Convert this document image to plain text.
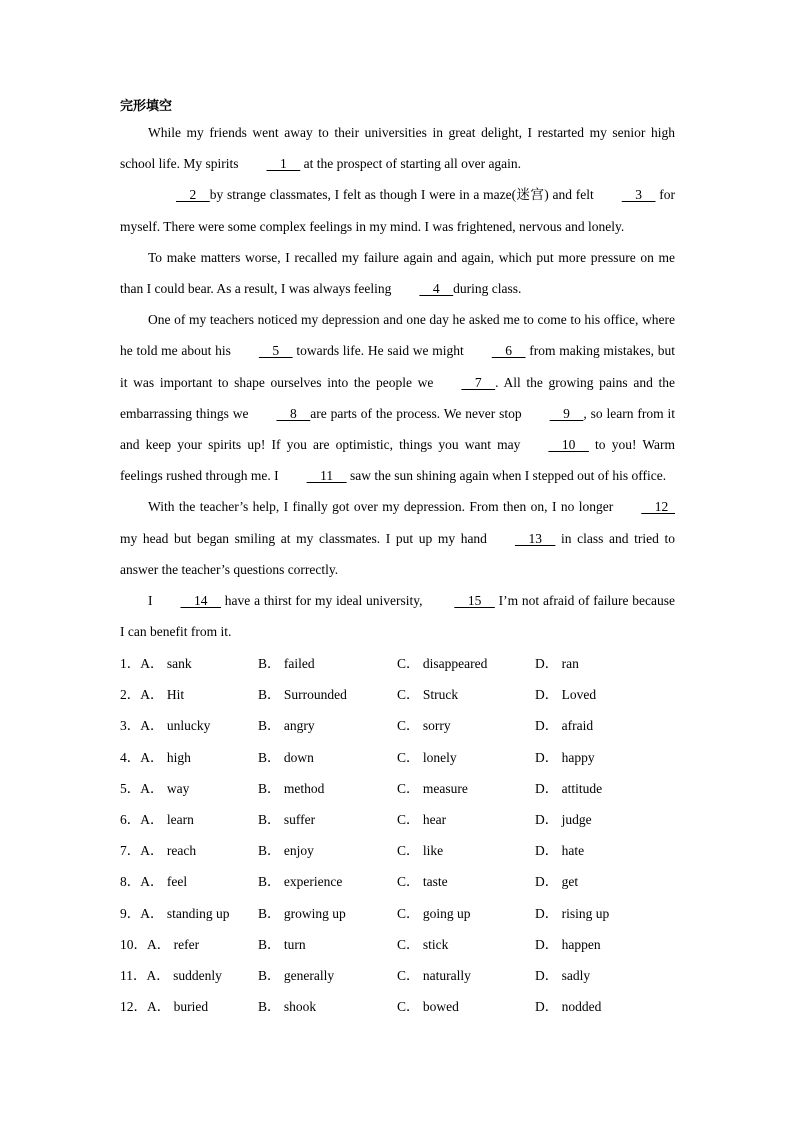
完形填空

While my friends went away to their universities in great delight, I restarted my senior high school life. My spirits    1     at the prospect of starting all over again.

2    by strange classmates, I felt as though I were in a maze(迷宫) and felt    3     for myself. There were some complex feelings in my mind. I was frightened, nervous and lonely.

To make matters worse, I recalled my failure again and again, which put more pressure on me than I could bear. As a result, I was always feeling    4    during class.

One of my teachers noticed my depression and one day he asked me to come to his office, where he told me about his    5     towards life. He said we might    6     from making mistakes, but it was important to shape ourselves into the people we    7    . All the growing pains and the embarrassing things we    8    are parts of the process. We never stop    9    , so learn from it and keep your spirits up! If you are optimistic, things you want may    10     to you! Warm feelings rushed through me. I    11     saw the sun shining again when I stepped out of his office.

With the teacher’s help, I finally got over my depression. From then on, I no longer    12   my head but began smiling at my classmates. I put up my hand    13     in class and tried to answer the teacher’s questions correctly.

I    14     have a thirst for my ideal university,     15     I’m not afraid of failure because I can benefit from it.

1．A． sank	B． failed	C． disappeared	D． ran
2．A． Hit	B． Surrounded	C． Struck	D． Loved
3．A． unlucky	B． angry	C． sorry	D． afraid
4．A． high	B． down	C． lonely	D． happy
5．A． way	B． method	C． measure	D． attitude
6．A． learn	B． suffer	C． hear	D． judge
7．A． reach	B． enjoy	C． like	D． hate
8．A． feel	B． experience	C． taste	D． get
9．A． standing up B． growing up	C． going up	D． rising up
10．A． refer	B． turn	C． stick	D． happen
11．A． suddenly	B． generally	C． naturally	D． sadly
12．A． buried	B． shook	C． bowed	D． nodded
